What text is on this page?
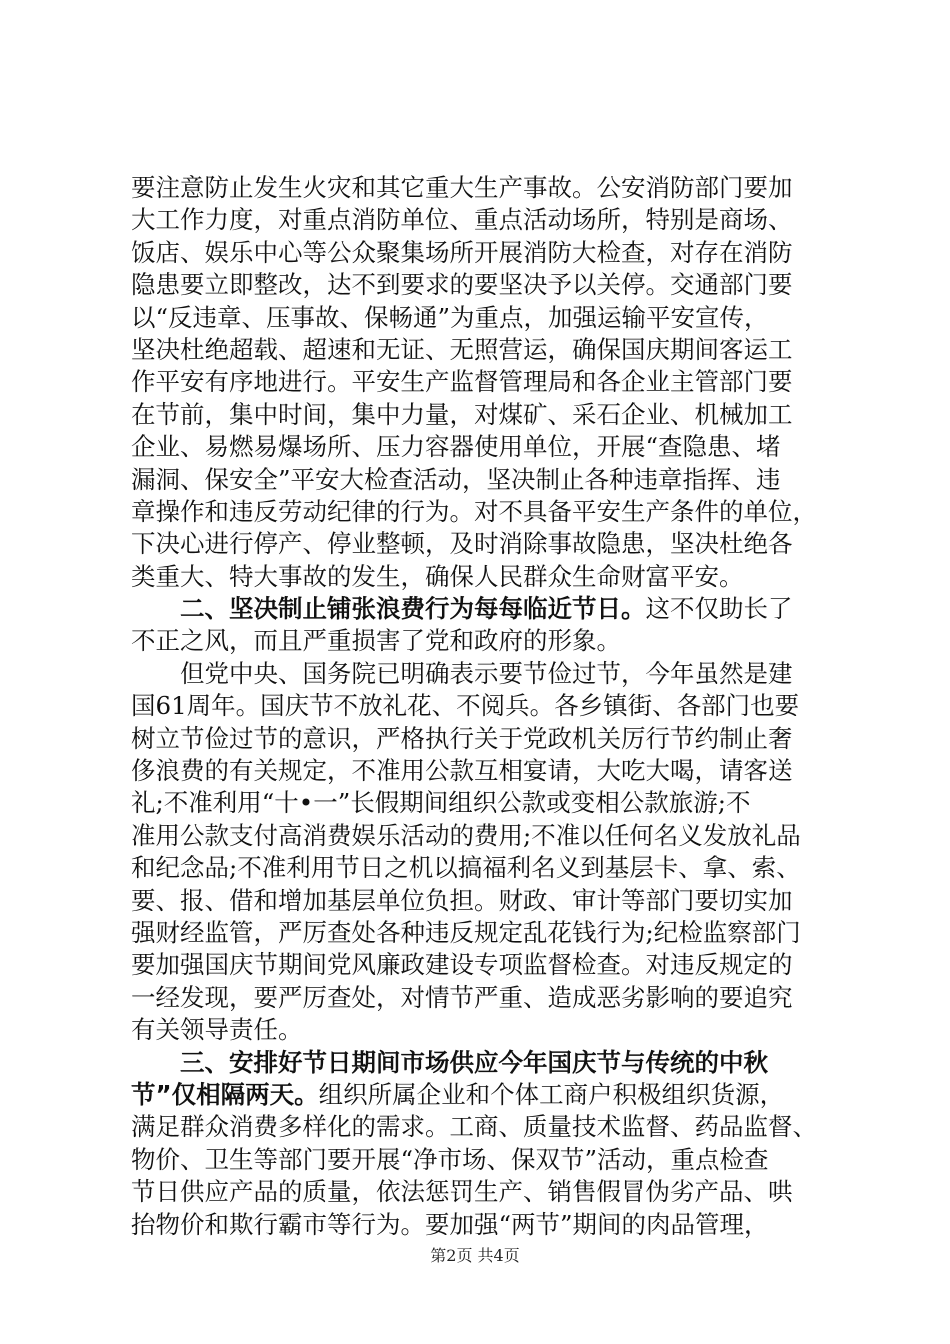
要注意防止发生火灾和其它重大生产事故。公安消防部门要加
大工作力度，对重点消防单位、重点活动场所，特别是商场、
饭店、娱乐中心等公众聚集场所开展消防大检查，对存在消防
隐患要立即整改，达不到要求的要坚决予以关停。交通部门要
以“反违章、压事故、保畅通”为重点，加强运输平安宣传，
坚决杜绝超载、超速和无证、无照营运，确保国庆期间客运工
作平安有序地进行。平安生产监督管理局和各企业主管部门要
在节前，集中时间，集中力量，对煤矿、采石企业、机械加工
企业、易燃易爆场所、压力容器使用单位，开展“查隐患、堵
漏洞、保安全”平安大检查活动，坚决制止各种违章指挥、违
章操作和违反劳动纪律的行为。对不具备平安生产条件的单位，
下决心进行停产、停业整顿，及时消除事故隐患，坚决杜绝各
类重大、特大事故的发生，确保人民群众生命财富平安。
二、坚决制止铺张浪费行为每每临近节日。这不仅助长了
不正之风，而且严重损害了党和政府的形象。
但党中央、国务院已明确表示要节俭过节，今年虽然是建
国61周年。国庆节不放礼花、不阅兵。各乡镇街、各部门也要
树立节俭过节的意识，严格执行关于党政机关厉行节约制止奢
侈浪费的有关规定，不准用公款互相宴请，大吃大喝，请客送
礼;不准利用“十•一”长假期间组织公款或变相公款旅游;不
准用公款支付高消费娱乐活动的费用;不准以任何名义发放礼品
和纪念品;不准利用节日之机以搞福利名义到基层卡、拿、索、
要、报、借和增加基层单位负担。财政、审计等部门要切实加
强财经监管，严厉查处各种违反规定乱花钱行为;纪检监察部门
要加强国庆节期间党风廉政建设专项监督检查。对违反规定的
一经发现，要严厉查处，对情节严重、造成恶劣影响的要追究
有关领导责任。
三、安排好节日期间市场供应今年国庆节与传统的中秋
节”仅相隔两天。组织所属企业和个体工商户积极组织货源，
满足群众消费多样化的需求。工商、质量技术监督、药品监督、
物价、卫生等部门要开展“净市场、保双节”活动，重点检查
节日供应产品的质量，依法惩罚生产、销售假冒伪劣产品、哄
抬物价和欺行霸市等行为。要加强“两节”期间的肉品管理，
第2页 共4页
